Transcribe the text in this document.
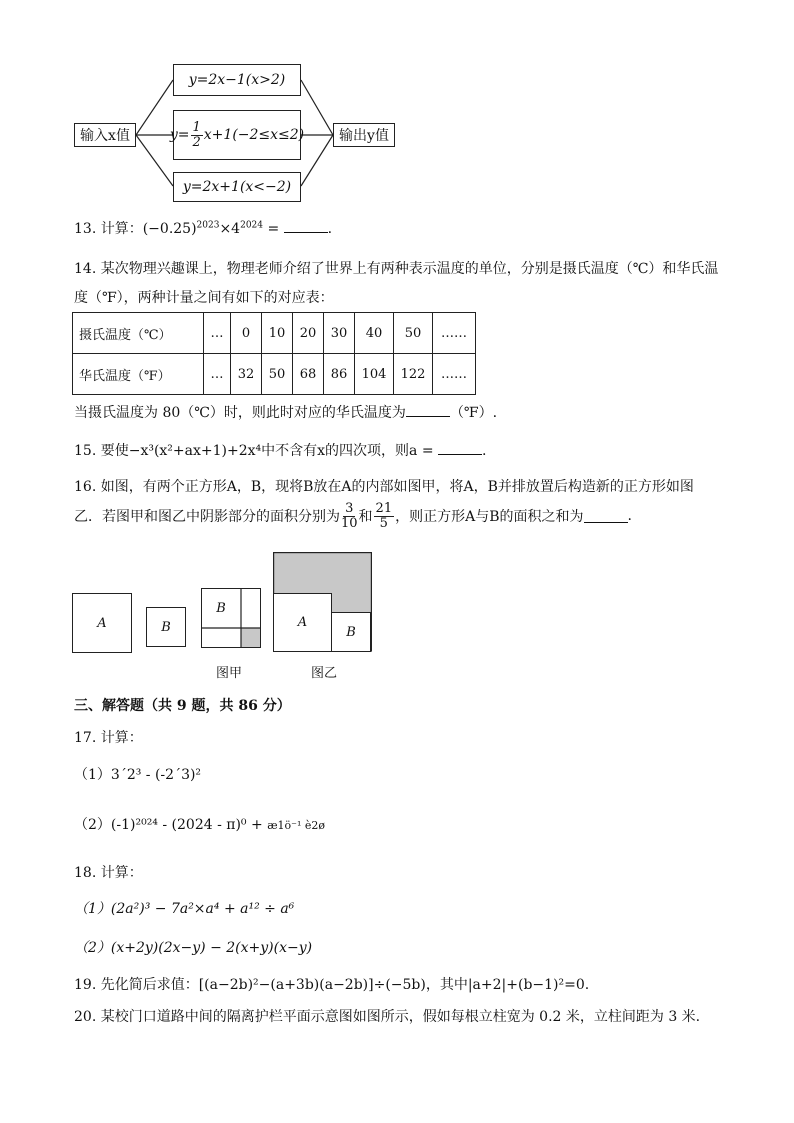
输入x值	输出y值
y=2x−1(x>2)
$y= \frac{1}{2} x+1(-2\le x\le 2)$
y=2x+1(x<−2)
13. 计算：$(-0.25)^{2023}\times 4^{2024}$ =	.
14. 某次物理兴趣课上，物理老师介绍了世界上有两种表示温度的单位，分别是摄氏温度（℃）和华氏温
度（℉），两种计量之间有如下的对应表：
摄氏温度（℃）	…	0	10	20	30	40	50	……
华氏温度（℉）	…	32	50	68	86	104	122	……
当摄氏温度为 80（℃）时，则此时对应的华氏温度为	（℉）.
15. 要使−x³(x²+ax+1)+2x⁴中不含有x的四次项，则a =	.
16. 如图，有两个正方形A，B，现将B放在A的内部如图甲，将A，B并排放置后构造新的正方形如图
乙．若图甲和图乙中阴影部分的面积分别为 $\frac{3}{10}$ 和 $\frac{21}{5}$ ，则正方形A与B的面积之和为	.
A	B
B
图甲
A
B
图乙
三、解答题（共 9 题，共 86 分）
17. 计算：
（1）3´2³ - (-2´3)²
（2）(-1)²⁰²⁴ - (2024 - π)⁰ + æ1ö⁻¹ è2ø
18. 计算：
（1）(2a²)³ − 7a²×a⁴ + a¹² ÷ a⁶
（2）(x+2y)(2x−y) − 2(x+y)(x−y)
19. 先化简后求值：[(a−2b)²−(a+3b)(a−2b)]÷(−5b)，其中|a+2|+(b−1)²=0.
20. 某校门口道路中间的隔离护栏平面示意图如图所示，假如每根立柱宽为 0.2 米，立柱间距为 3 米.
